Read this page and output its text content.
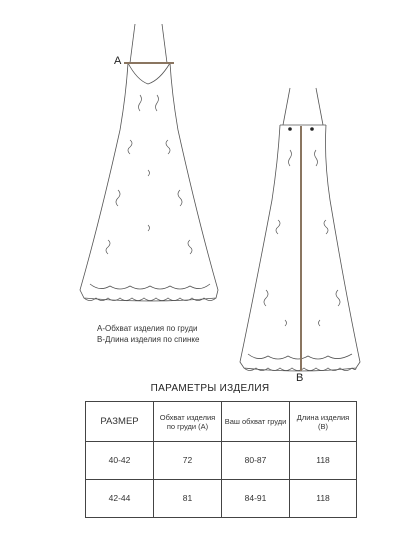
A
B
A-Обхват изделия по груди
B-Длина изделия по спинке
ПАРАМЕТРЫ ИЗДЕЛИЯ
РАЗМЕР	Обхват изделия по груди (A)	Ваш обхват груди	Длина изделия (B)
40-42	72	80-87	118
42-44	81	84-91	118
